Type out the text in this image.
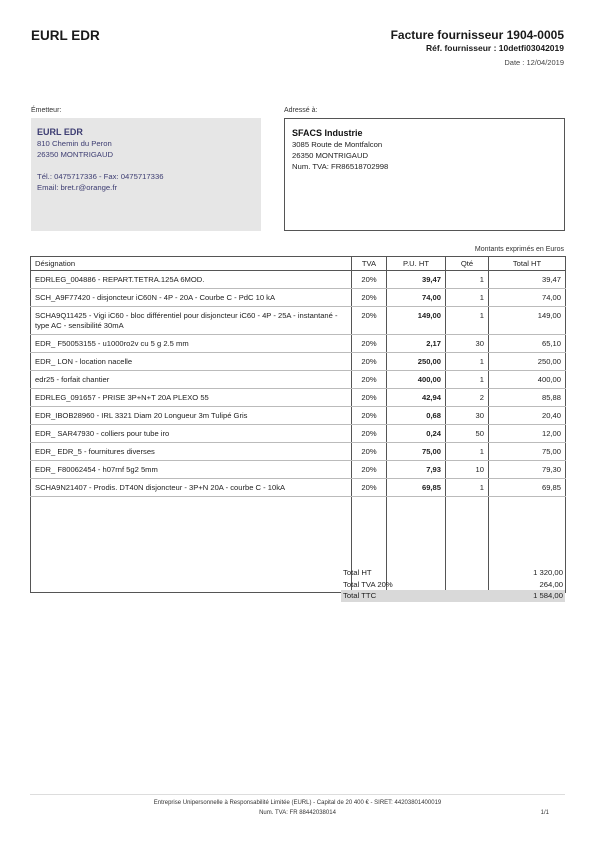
EURL EDR	Facture fournisseur 1904-0005
Réf. fournisseur : 10detfi03042019
Date : 12/04/2019
Émetteur:	Adressé à:
EURL EDR
810 Chemin du Peron
26350 MONTRIGAUD
Tél.: 0475717336 - Fax: 0475717336
Email: bret.r@orange.fr
SFACS Industrie
3085 Route de Montfalcon
26350 MONTRIGAUD
Num. TVA: FR86518702998
Montants exprimés en Euros
Désignation	TVA	P.U. HT	Qté	Total HT
EDRLEG_004886 - REPART.TETRA.125A 6MOD.	20%	39,47	1	39,47
SCH_A9F77420 - disjoncteur iC60N - 4P - 20A - Courbe C - PdC 10 kA	20%	74,00	1	74,00
SCHA9Q11425 - Vigi iC60 - bloc différentiel pour disjoncteur iC60 - 4P - 25A - instantané - type AC - sensibilité 30mA	20%	149,00	1	149,00
EDR_ F50053155 - u1000ro2v cu 5 g 2.5 mm	20%	2,17	30	65,10
EDR_ LON - location nacelle	20%	250,00	1	250,00
edr25 - forfait chantier	20%	400,00	1	400,00
EDRLEG_091657 - PRISE 3P+N+T 20A PLEXO 55	20%	42,94	2	85,88
EDR_IBOB28960 - IRL 3321 Diam 20 Longueur 3m Tulipé Gris	20%	0,68	30	20,40
EDR_ SAR47930 - colliers pour tube iro	20%	0,24	50	12,00
EDR_ EDR_5 - fournitures diverses	20%	75,00	1	75,00
EDR_ F80062454 - h07rnf 5g2 5mm	20%	7,93	10	79,30
SCHA9N21407 - Prodis. DT40N disjoncteur - 3P+N 20A - courbe C - 10kA	20%	69,85	1	69,85

Total HT	1 320,00
Total TVA 20%	264,00
Total TTC	1 584,00
Entreprise Unipersonnelle à Responsabilité Limitée (EURL) - Capital de 20 400 € - SIRET: 44203801400019
Num. TVA: FR 88442038014	1/1
